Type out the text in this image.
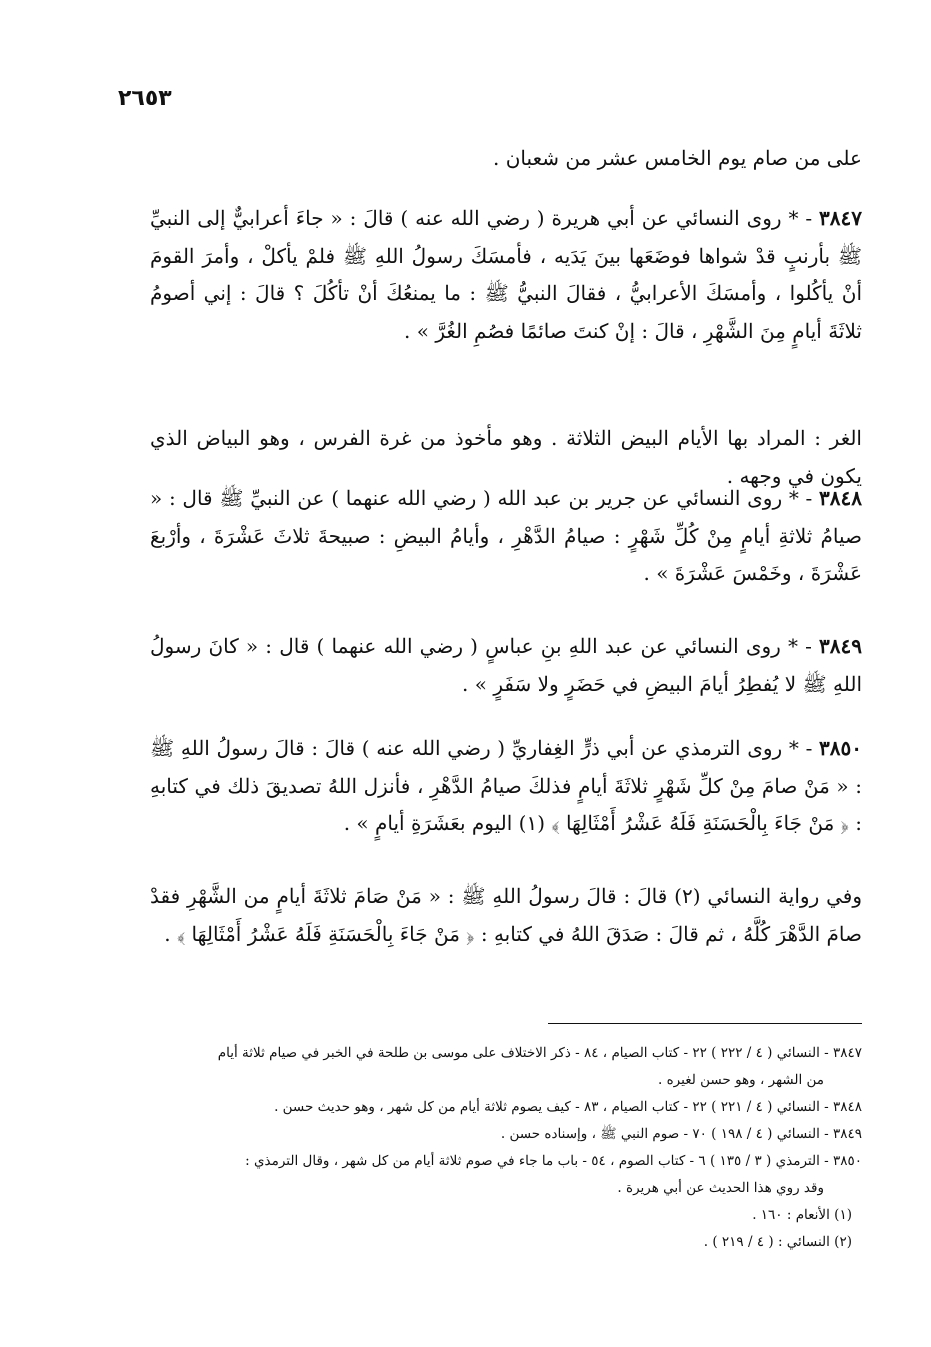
٢٦٥٣

على من صام يوم الخامس عشر من شعبان .

٣٨٤٧ - * روى النسائي عن أبي هريرة ( رضي الله عنه ) قالَ : « جاءَ أعرابيٌّ إلى النبيِّ ﷺ بأرنبٍ قدْ شواها فوضَعَها بينَ يَدَيه ، فأمسَكَ رسولُ اللهِ ﷺ فلمْ يأكلْ ، وأمرَ القومَ أنْ يأكُلوا ، وأمسَكَ الأعرابيُّ ، فقالَ النبيُّ ﷺ : ما يمنعُكَ أنْ تأكُلَ ؟ قالَ : إني أصومُ ثلاثَةَ أيامٍ مِنَ الشَّهْرِ ، قالَ : إنْ كنتَ صائمًا فصُمِ الغُرَّ » .

الغر : المراد بها الأيام البيض الثلاثة . وهو مأخوذ من غرة الفرس ، وهو البياض الذي يكون في وجهه .

٣٨٤٨ - * روى النسائي عن جرير بن عبد الله ( رضي الله عنهما ) عن النبيِّ ﷺ قال : « صيامُ ثلاثةِ أيامٍ مِنْ كُلِّ شَهْرٍ : صيامُ الدَّهْرِ ، وأيامُ البيضِ : صبيحةَ ثلاثَ عَشْرَةَ ، وأرْبعَ عَشْرَةَ ، وخَمْسَ عَشْرَةَ » .

٣٨٤٩ - * روى النسائي عن عبد اللهِ بنِ عباسٍ ( رضي الله عنهما ) قال : « كانَ رسولُ اللهِ ﷺ لا يُفطِرُ أيامَ البيضِ في حَضَرٍ ولا سَفَرٍ » .

٣٨٥٠ - * روى الترمذي عن أبي ذرٍّ الغِفاريِّ ( رضي الله عنه ) قالَ : قالَ رسولُ اللهِ ﷺ : « مَنْ صامَ مِنْ كلِّ شَهْرٍ ثلاثَةَ أيامٍ فذلكَ صيامُ الدَّهْرِ ، فأنزل اللهُ تصديقَ ذلك في كتابهِ : ﴿ مَنْ جَاءَ بِالْحَسَنَةِ فَلَهُ عَشْرُ أَمْثَالِهَا ﴾ (١) اليوم بعَشَرَةِ أيامٍ » .

وفي رواية النسائي (٢) قالَ : قالَ رسولُ اللهِ ﷺ : « مَنْ صَامَ ثلاثَةَ أيامٍ من الشَّهْرِ فقدْ صامَ الدَّهْرَ كُلَّهُ ، ثم قالَ : صَدَقَ اللهُ في كتابهِ : ﴿ مَنْ جَاءَ بِالْحَسَنَةِ فَلَهُ عَشْرُ أَمْثَالِهَا ﴾ .

٣٨٤٧ - النسائي ( ٤ / ٢٢٢ ) ٢٢ - كتاب الصيام ، ٨٤ - ذكر الاختلاف على موسى بن طلحة في الخبر في صيام ثلاثة أيام

من الشهر ، وهو حسن لغيره .

٣٨٤٨ - النسائي ( ٤ / ٢٢١ ) ٢٢ - كتاب الصيام ، ٨٣ - كيف يصوم ثلاثة أيام من كل شهر ، وهو حديث حسن .

٣٨٤٩ - النسائي ( ٤ / ١٩٨ ) ٧٠ - صوم النبي ﷺ ، وإسناده حسن .

٣٨٥٠ - الترمذي ( ٣ / ١٣٥ ) ٦ - كتاب الصوم ، ٥٤ - باب ما جاء في صوم ثلاثة أيام من كل شهر ، وقال الترمذي :

وقد روي هذا الحديث عن أبي هريرة .

(١) الأنعام : ١٦٠ .

(٢) النسائي : ( ٤ / ٢١٩ ) .
